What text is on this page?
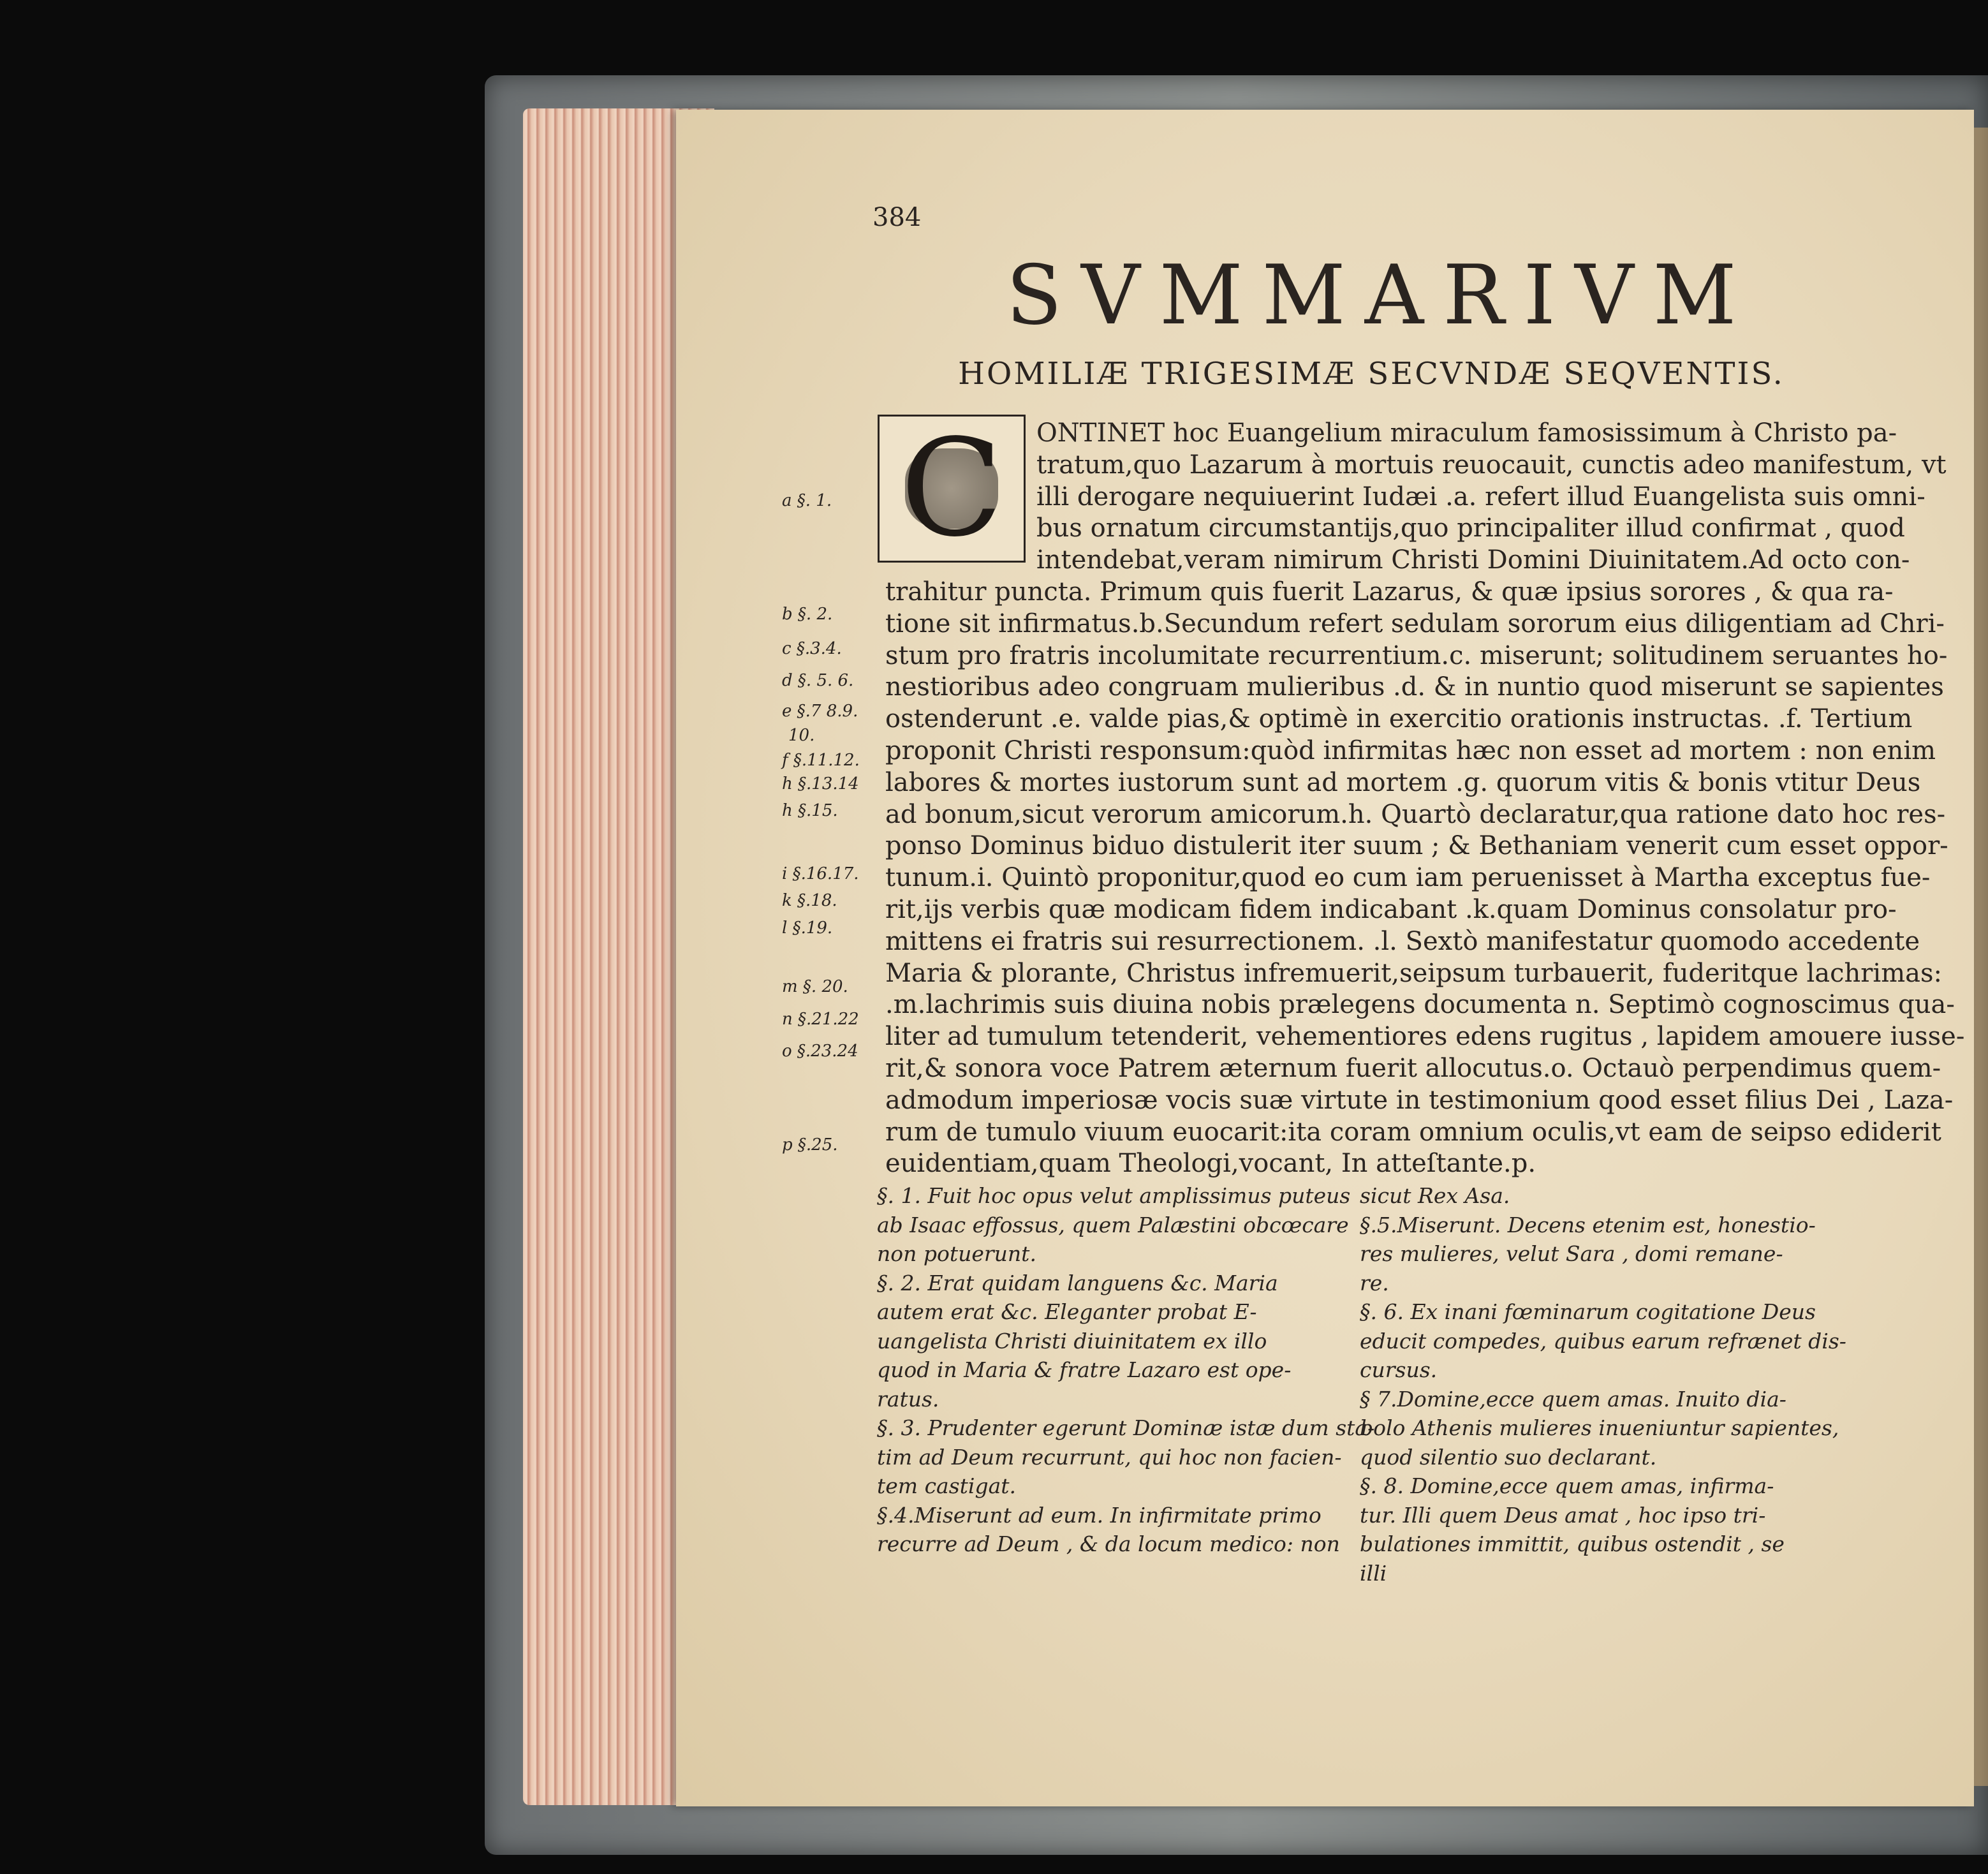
384
SVMMARIVM
HOMILIÆ TRIGESIMÆ SECVNDÆ SEQVENTIS.
C	ONTINET hoc Euangelium miraculum famosissimum à Christo pa-
tratum,quo Lazarum à mortuis reuocauit, cunctis adeo manifestum, vt
illi derogare nequiuerint Iudæi .a. refert illud Euangelista suis omni-
bus ornatum circumstantijs,quo principaliter illud confirmat , quod
intendebat,veram nimirum Christi Domini Diuinitatem.Ad octo con-
trahitur puncta. Primum quis fuerit Lazarus, & quæ ipsius sorores , & qua ra-
tione sit infirmatus.b.Secundum refert sedulam sororum eius diligentiam ad Chri-
stum pro fratris incolumitate recurrentium.c. miserunt; solitudinem seruantes ho-
nestioribus adeo congruam mulieribus .d. & in nuntio quod miserunt se sapientes
ostenderunt .e. valde pias,& optimè in exercitio orationis instructas. .f. Tertium
proponit Christi responsum:quòd infirmitas hæc non esset ad mortem : non enim
labores & mortes iustorum sunt ad mortem .g. quorum vitis & bonis vtitur Deus
ad bonum,sicut verorum amicorum.h. Quartò declaratur,qua ratione dato hoc res-
ponso Dominus biduo distulerit iter suum ; & Bethaniam venerit cum esset oppor-
tunum.i. Quintò proponitur,quod eo cum iam peruenisset à Martha exceptus fue-
rit,ijs verbis quæ modicam fidem indicabant .k.quam Dominus consolatur pro-
mittens ei fratris sui resurrectionem. .l. Sextò manifestatur quomodo accedente
Maria & plorante, Christus infremuerit,seipsum turbauerit, fuderitque lachrimas:
.m.lachrimis suis diuina nobis prælegens documenta n. Septimò cognoscimus qua-
liter ad tumulum tetenderit, vehementiores edens rugitus , lapidem amouere iusse-
rit,& sonora voce Patrem æternum fuerit allocutus.o. Octauò perpendimus quem-
admodum imperiosæ vocis suæ virtute in testimonium qood esset filius Dei , Laza-
rum de tumulo viuum euocarit:ita coram omnium oculis,vt eam de seipso ediderit
euidentiam,quam Theologi,vocant, In atteſtante.p.
a §. 1.
b §. 2.
c §.3.4.
d §. 5. 6.
e §.7 8.9.
10.
f §.11.12.
h §.13.14
h §.15.
i §.16.17.
k §.18.
l §.19.
m §. 20.
n §.21.22
o §.23.24
p §.25.
§. 1. Fuit hoc opus velut amplissimus puteus
ab Isaac effossus, quem Palæstini obcœcare
non potuerunt.
§. 2. Erat quidam languens &c. Maria
autem erat &c. Eleganter probat E-
uangelista Christi diuinitatem ex illo
quod in Maria & fratre Lazaro est ope-
ratus.
§. 3. Prudenter egerunt Dominæ istæ dum sta-
tim ad Deum recurrunt, qui hoc non facien-
tem castigat.
§.4.Miserunt ad eum. In infirmitate primo
recurre ad Deum , & da locum medico: non
sicut Rex Asa.
§.5.Miserunt. Decens etenim est, honestio-
res mulieres, velut Sara , domi remane-
re.
§. 6. Ex inani fœminarum cogitatione Deus
educit compedes, quibus earum refrænet dis-
cursus.
§ 7.Domine,ecce quem amas. Inuito dia-
bolo Athenis mulieres inueniuntur sapientes,
quod silentio suo declarant.
§. 8. Domine,ecce quem amas, infirma-
tur. Illi quem Deus amat , hoc ipso tri-
bulationes immittit, quibus ostendit , se
illi
